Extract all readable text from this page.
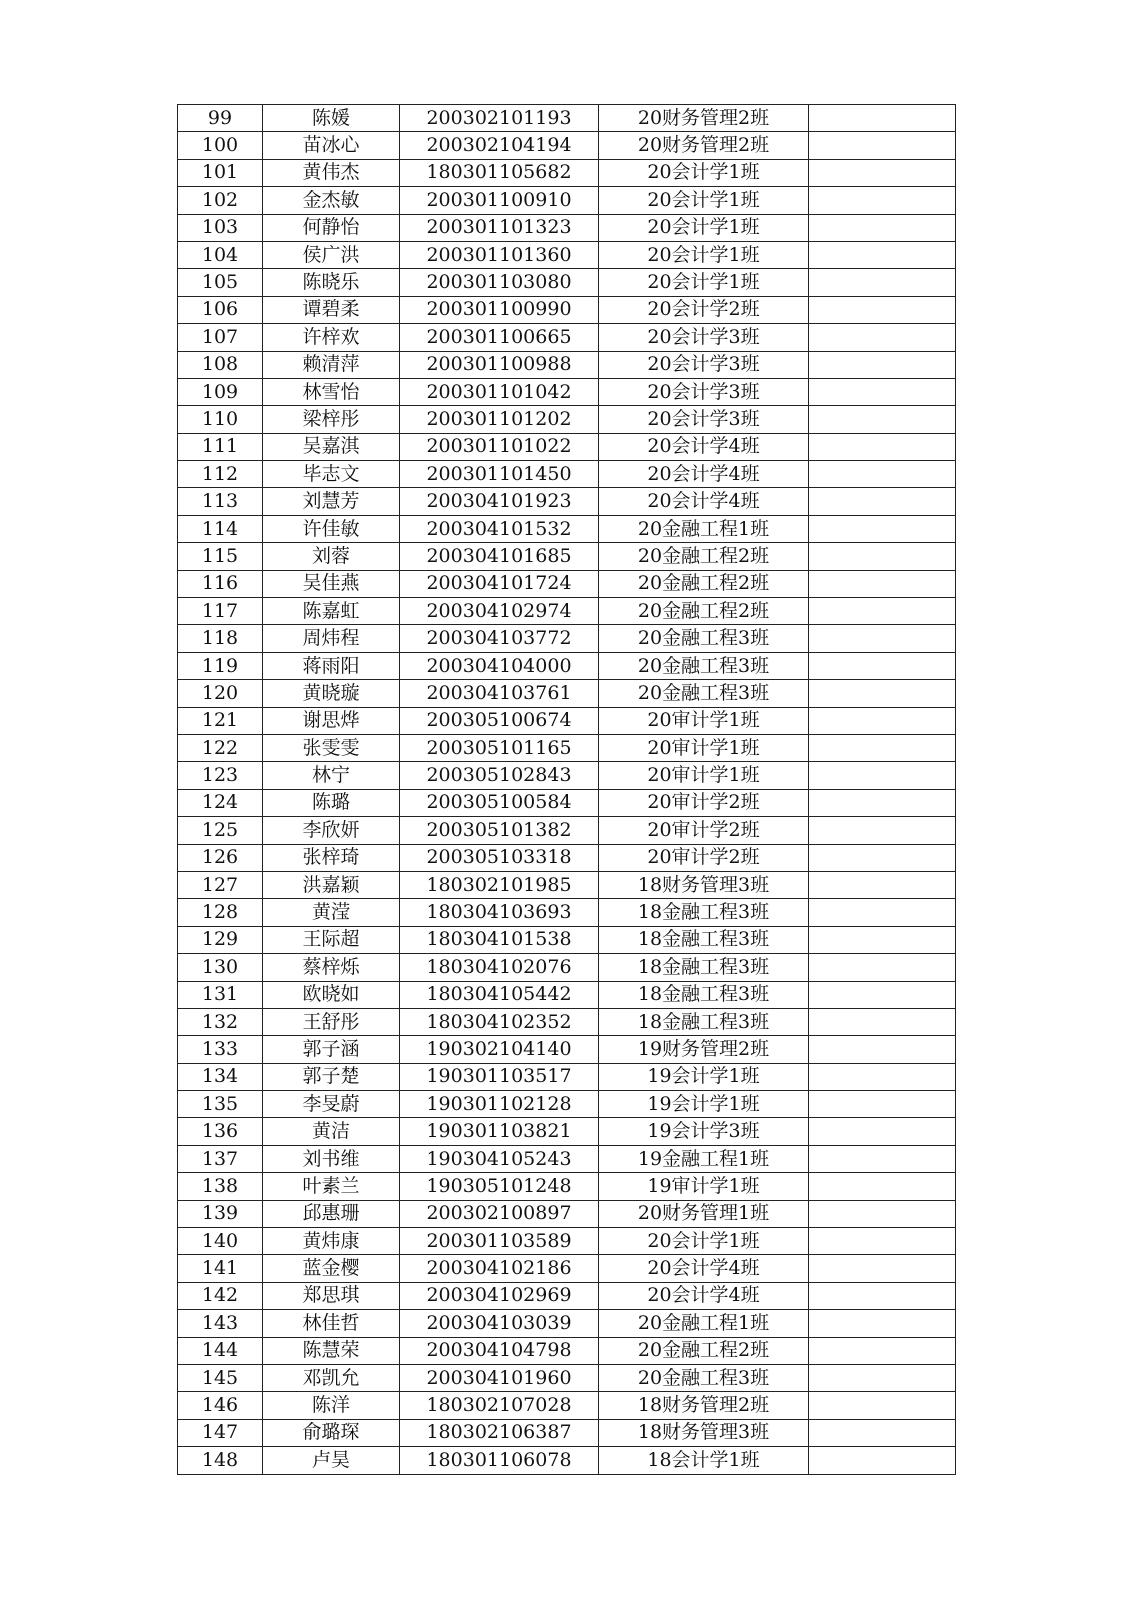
99	陈媛	200302101193	20财务管理2班	
100	苗冰心	200302104194	20财务管理2班	
101	黄伟杰	180301105682	20会计学1班	
102	金杰敏	200301100910	20会计学1班	
103	何静怡	200301101323	20会计学1班	
104	侯广洪	200301101360	20会计学1班	
105	陈晓乐	200301103080	20会计学1班	
106	谭碧柔	200301100990	20会计学2班	
107	许梓欢	200301100665	20会计学3班	
108	赖清萍	200301100988	20会计学3班	
109	林雪怡	200301101042	20会计学3班	
110	梁梓彤	200301101202	20会计学3班	
111	吴嘉淇	200301101022	20会计学4班	
112	毕志文	200301101450	20会计学4班	
113	刘慧芳	200304101923	20会计学4班	
114	许佳敏	200304101532	20金融工程1班	
115	刘蓉	200304101685	20金融工程2班	
116	吴佳燕	200304101724	20金融工程2班	
117	陈嘉虹	200304102974	20金融工程2班	
118	周炜程	200304103772	20金融工程3班	
119	蒋雨阳	200304104000	20金融工程3班	
120	黄晓璇	200304103761	20金融工程3班	
121	谢思烨	200305100674	20审计学1班	
122	张雯雯	200305101165	20审计学1班	
123	林宁	200305102843	20审计学1班	
124	陈璐	200305100584	20审计学2班	
125	李欣妍	200305101382	20审计学2班	
126	张梓琦	200305103318	20审计学2班	
127	洪嘉颖	180302101985	18财务管理3班	
128	黄滢	180304103693	18金融工程3班	
129	王际超	180304101538	18金融工程3班	
130	蔡梓烁	180304102076	18金融工程3班	
131	欧晓如	180304105442	18金融工程3班	
132	王舒彤	180304102352	18金融工程3班	
133	郭子涵	190302104140	19财务管理2班	
134	郭子楚	190301103517	19会计学1班	
135	李旻蔚	190301102128	19会计学1班	
136	黄洁	190301103821	19会计学3班	
137	刘书维	190304105243	19金融工程1班	
138	叶素兰	190305101248	19审计学1班	
139	邱惠珊	200302100897	20财务管理1班	
140	黄炜康	200301103589	20会计学1班	
141	蓝金樱	200304102186	20会计学4班	
142	郑思琪	200304102969	20会计学4班	
143	林佳哲	200304103039	20金融工程1班	
144	陈慧荣	200304104798	20金融工程2班	
145	邓凯允	200304101960	20金融工程3班	
146	陈洋	180302107028	18财务管理2班	
147	俞璐琛	180302106387	18财务管理3班	
148	卢昊	180301106078	18会计学1班	
